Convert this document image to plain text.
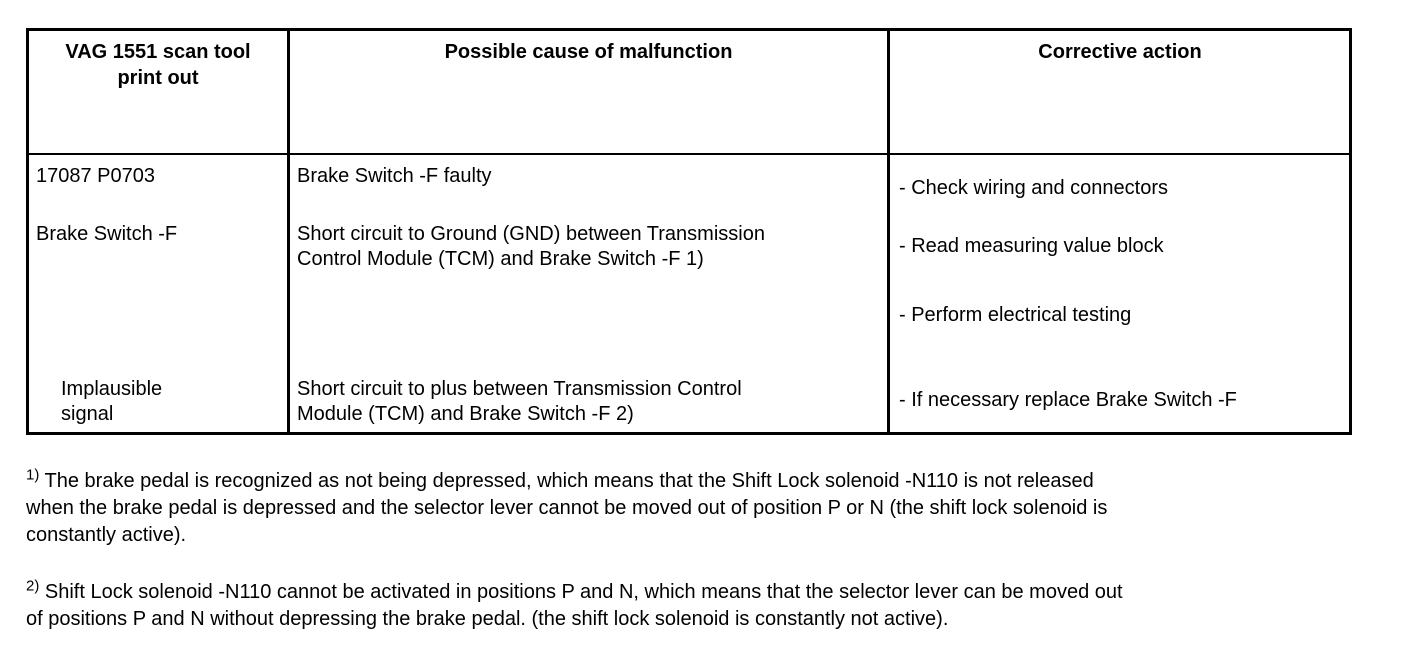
VAG 1551 scan tool
print out
Possible cause of malfunction	Corrective action
17087 P0703
Brake Switch -F
Implausible
signal
Brake Switch -F faulty
Short circuit to Ground (GND) between Transmission
Control Module (TCM) and Brake Switch -F 1)
Short circuit to plus between Transmission Control
Module (TCM) and Brake Switch -F 2)
- Check wiring and connectors
- Read measuring value block
- Perform electrical testing
- If necessary replace Brake Switch -F
$^{1)}$ The brake pedal is recognized as not being depressed, which means that the Shift Lock solenoid -N110 is not released
when the brake pedal is depressed and the selector lever cannot be moved out of position P or N (the shift lock solenoid is
constantly active).
$^{2)}$ Shift Lock solenoid -N110 cannot be activated in positions P and N, which means that the selector lever can be moved out
of positions P and N without depressing the brake pedal. (the shift lock solenoid is constantly not active).
